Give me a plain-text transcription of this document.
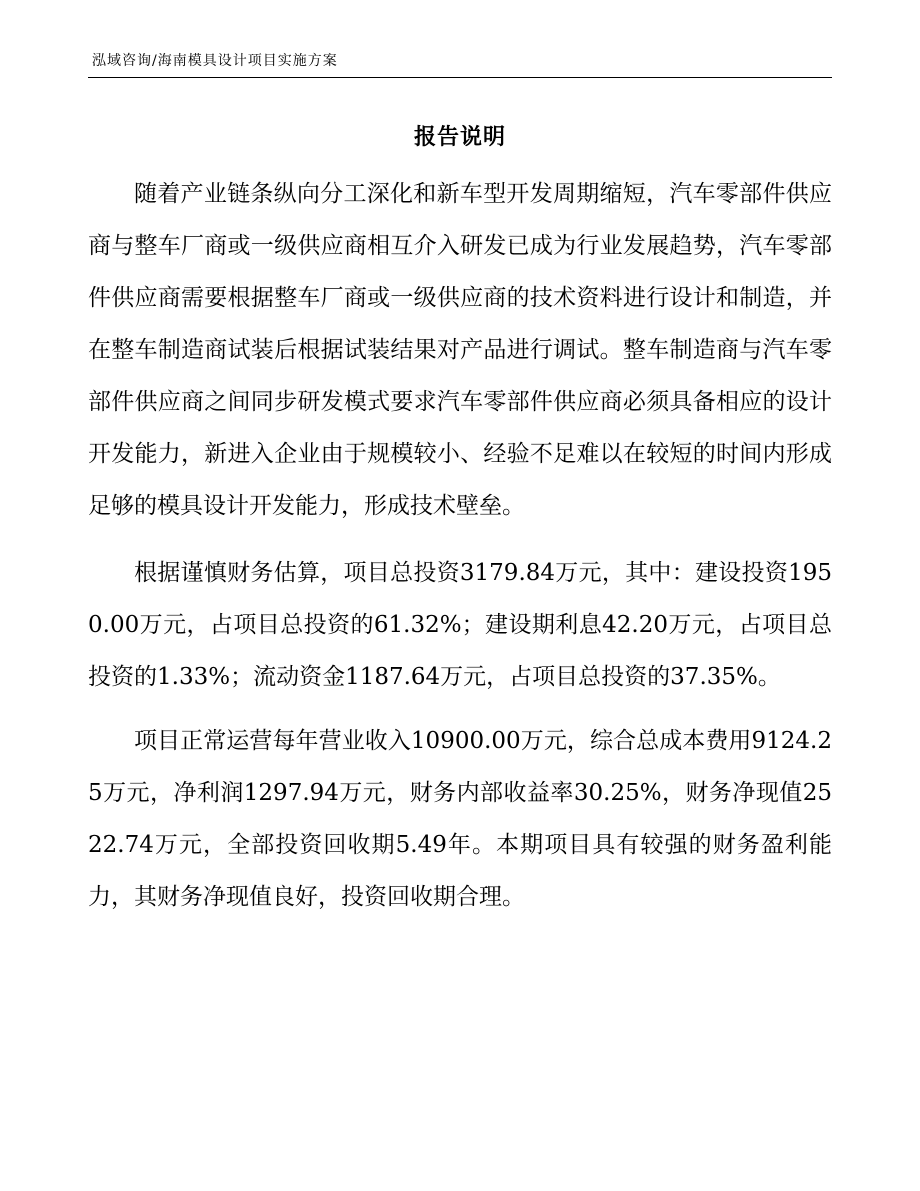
泓域咨询/海南模具设计项目实施方案
报告说明

随着产业链条纵向分工深化和新车型开发周期缩短，汽车零部件供应商与整车厂商或一级供应商相互介入研发已成为行业发展趋势，汽车零部件供应商需要根据整车厂商或一级供应商的技术资料进行设计和制造，并在整车制造商试装后根据试装结果对产品进行调试。整车制造商与汽车零部件供应商之间同步研发模式要求汽车零部件供应商必须具备相应的设计开发能力，新进入企业由于规模较小、经验不足难以在较短的时间内形成足够的模具设计开发能力，形成技术壁垒。

根据谨慎财务估算，项目总投资3179.84万元，其中：建设投资1950.00万元，占项目总投资的61.32%；建设期利息42.20万元，占项目总投资的1.33%；流动资金1187.64万元，占项目总投资的37.35%。

项目正常运营每年营业收入10900.00万元，综合总成本费用9124.25万元，净利润1297.94万元，财务内部收益率30.25%，财务净现值2522.74万元，全部投资回收期5.49年。本期项目具有较强的财务盈利能力，其财务净现值良好，投资回收期合理。
